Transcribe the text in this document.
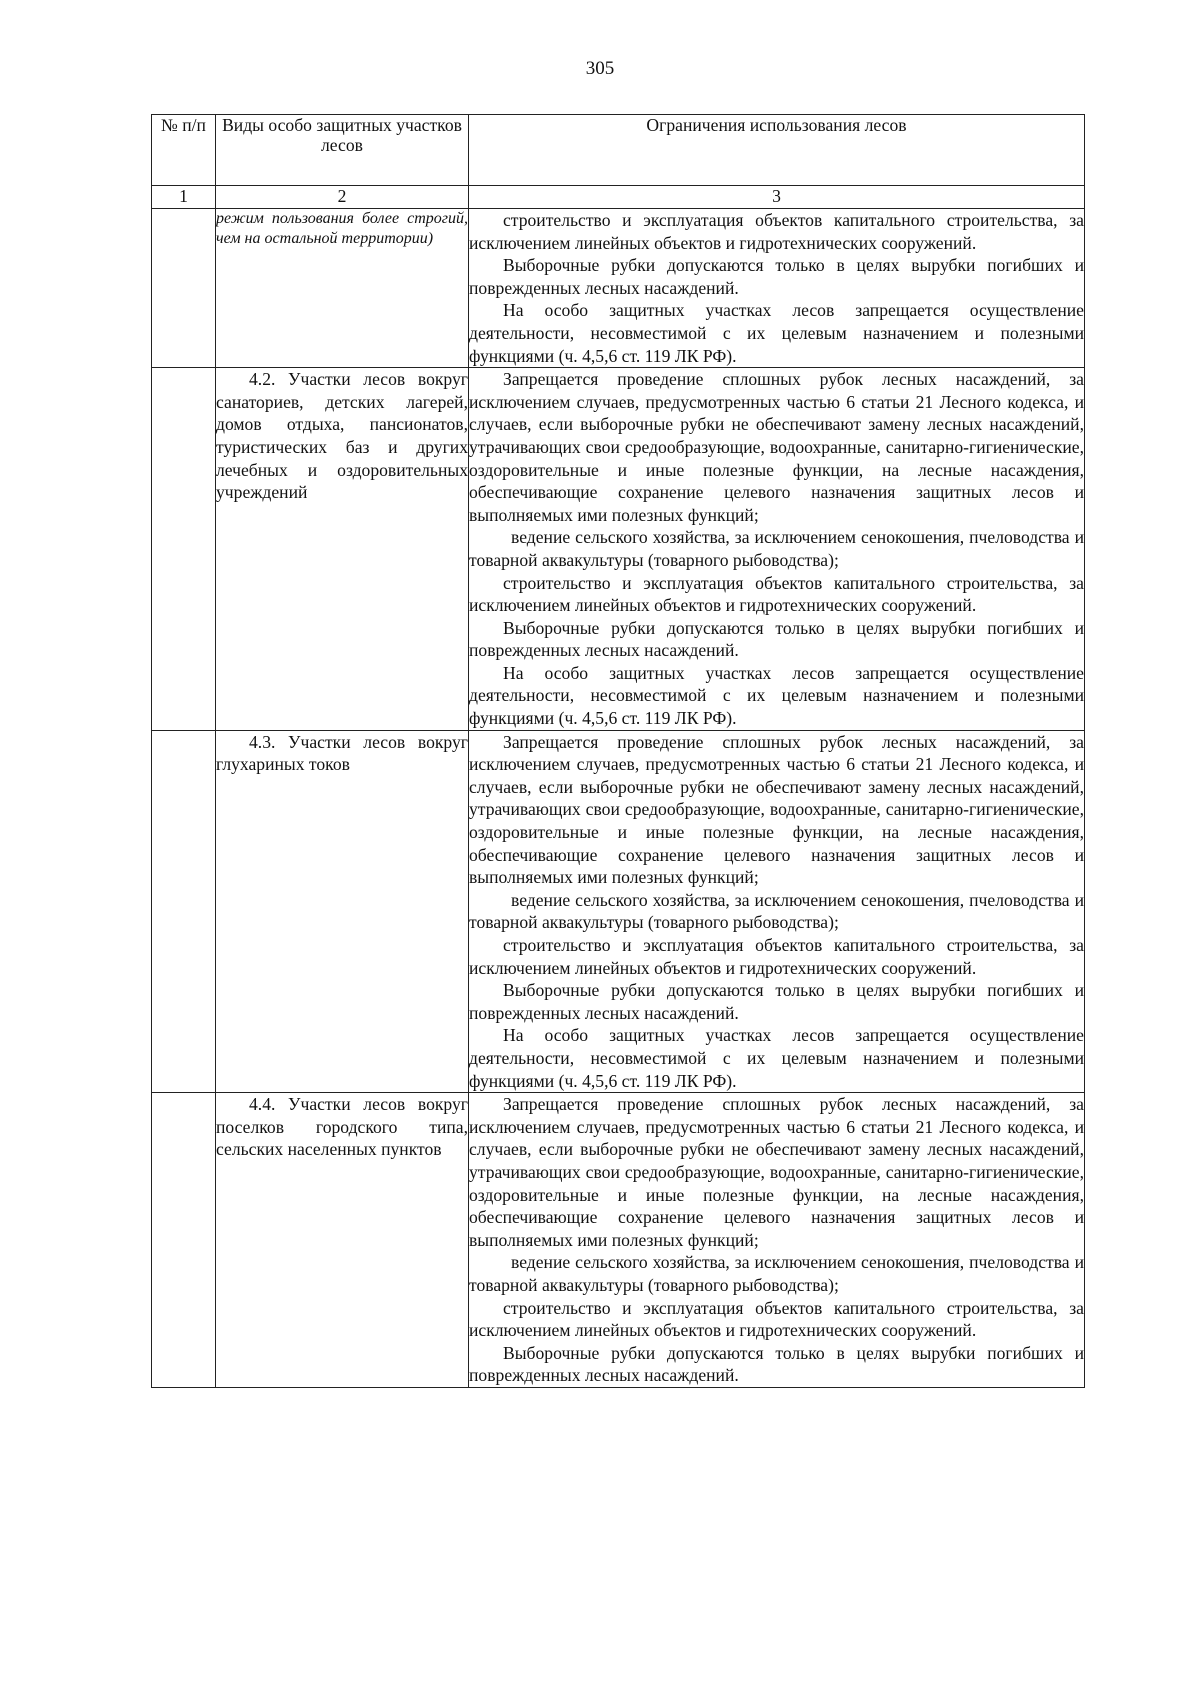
305
№ п/п	Виды особо защитных участков лесов	Ограничения использования лесов
1	2	3

	режим пользования более строгий, чем на остальной территории)	строительство и эксплуатация объектов капитального строительства, за исключением линейных объектов и гидротехнических сооружений.

Выборочные рубки допускаются только в целях вырубки погибших и поврежденных лесных насаждений.

На особо защитных участках лесов запрещается осуществление деятельности, несовместимой с их целевым назначением и полезными функциями (ч. 4,5,6 ст. 119 ЛК РФ).

	4.2. Участки лесов вокруг санаториев, детских лагерей, домов отдыха, пансионатов, туристических баз и других лечебных и оздоровительных учреждений	Запрещается проведение сплошных рубок лесных насаждений, за исключением случаев, предусмотренных частью 6 статьи 21 Лесного кодекса, и случаев, если выборочные рубки не обеспечивают замену лесных насаждений, утрачивающих свои средообразующие, водоохранные, санитарно-гигиенические, оздоровительные и иные полезные функции, на лесные насаждения, обеспечивающие сохранение целевого назначения защитных лесов и выполняемых ими полезных функций;

ведение сельского хозяйства, за исключением сенокошения, пчеловодства и товарной аквакультуры (товарного рыбоводства);

строительство и эксплуатация объектов капитального строительства, за исключением линейных объектов и гидротехнических сооружений.

Выборочные рубки допускаются только в целях вырубки погибших и поврежденных лесных насаждений.

На особо защитных участках лесов запрещается осуществление деятельности, несовместимой с их целевым назначением и полезными функциями (ч. 4,5,6 ст. 119 ЛК РФ).

	4.3. Участки лесов вокруг глухариных токов	Запрещается проведение сплошных рубок лесных насаждений, за исключением случаев, предусмотренных частью 6 статьи 21 Лесного кодекса, и случаев, если выборочные рубки не обеспечивают замену лесных насаждений, утрачивающих свои средообразующие, водоохранные, санитарно-гигиенические, оздоровительные и иные полезные функции, на лесные насаждения, обеспечивающие сохранение целевого назначения защитных лесов и выполняемых ими полезных функций;

ведение сельского хозяйства, за исключением сенокошения, пчеловодства и товарной аквакультуры (товарного рыбоводства);

строительство и эксплуатация объектов капитального строительства, за исключением линейных объектов и гидротехнических сооружений.

Выборочные рубки допускаются только в целях вырубки погибших и поврежденных лесных насаждений.

На особо защитных участках лесов запрещается осуществление деятельности, несовместимой с их целевым назначением и полезными функциями (ч. 4,5,6 ст. 119 ЛК РФ).

	4.4. Участки лесов вокруг поселков городского типа, сельских населенных пунктов	Запрещается проведение сплошных рубок лесных насаждений, за исключением случаев, предусмотренных частью 6 статьи 21 Лесного кодекса, и случаев, если выборочные рубки не обеспечивают замену лесных насаждений, утрачивающих свои средообразующие, водоохранные, санитарно-гигиенические, оздоровительные и иные полезные функции, на лесные насаждения, обеспечивающие сохранение целевого назначения защитных лесов и выполняемых ими полезных функций;

ведение сельского хозяйства, за исключением сенокошения, пчеловодства и товарной аквакультуры (товарного рыбоводства);

строительство и эксплуатация объектов капитального строительства, за исключением линейных объектов и гидротехнических сооружений.

Выборочные рубки допускаются только в целях вырубки погибших и поврежденных лесных насаждений.
